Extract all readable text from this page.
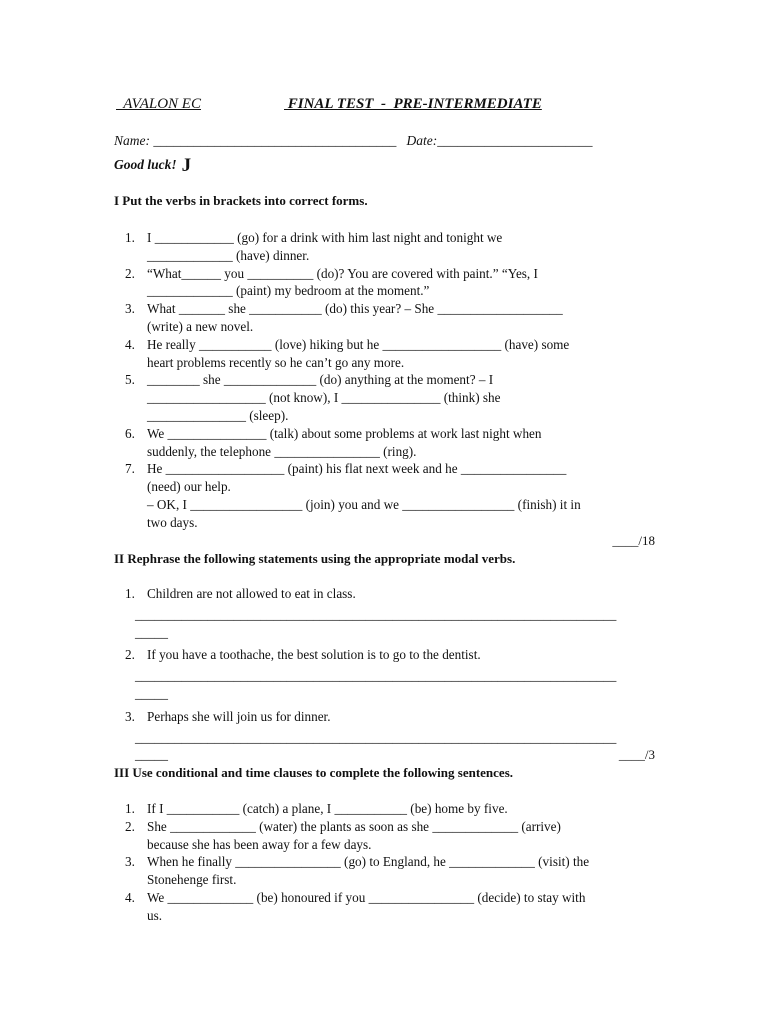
AVALON EC	FINAL TEST  -  PRE-INTERMEDIATE
Name: ____________________________________   Date:_______________________
Good luck! J
I Put the verbs in brackets into correct forms.
1. I ____________ (go) for a drink with him last night and tonight we
_____________ (have) dinner.
2. “What______ you __________ (do)? You are covered with paint.” “Yes, I
_____________ (paint) my bedroom at the moment.”
3. What _______ she ___________ (do) this year? – She ___________________
(write) a new novel.
4. He really ___________ (love) hiking but he __________________ (have) some
heart problems recently so he can’t go any more.
5. ________ she ______________ (do) anything at the moment? – I
__________________ (not know), I _______________ (think) she
_______________ (sleep).
6. We _______________ (talk) about some problems at work last night when
suddenly, the telephone ________________ (ring).
7. He __________________ (paint) his flat next week and he ________________
(need) our help.
– OK, I _________________ (join) you and we _________________ (finish) it in
two days.
____/18
II Rephrase the following statements using the appropriate modal verbs.
1. Children are not allowed to eat in class.
_________________________________________________________________________ _____
2. If you have a toothache, the best solution is to go to the dentist.
_________________________________________________________________________ _____
3. Perhaps she will join us for dinner.
_________________________________________________________________________ _____	____/3
III Use conditional and time clauses to complete the following sentences.
1. If I ___________ (catch) a plane, I ___________ (be) home by five.
2. She _____________ (water) the plants as soon as she _____________ (arrive)
because she has been away for a few days.
3. When he finally ________________ (go) to England, he _____________ (visit) the
Stonehenge first.
4. We _____________ (be) honoured if you ________________ (decide) to stay with
us.
